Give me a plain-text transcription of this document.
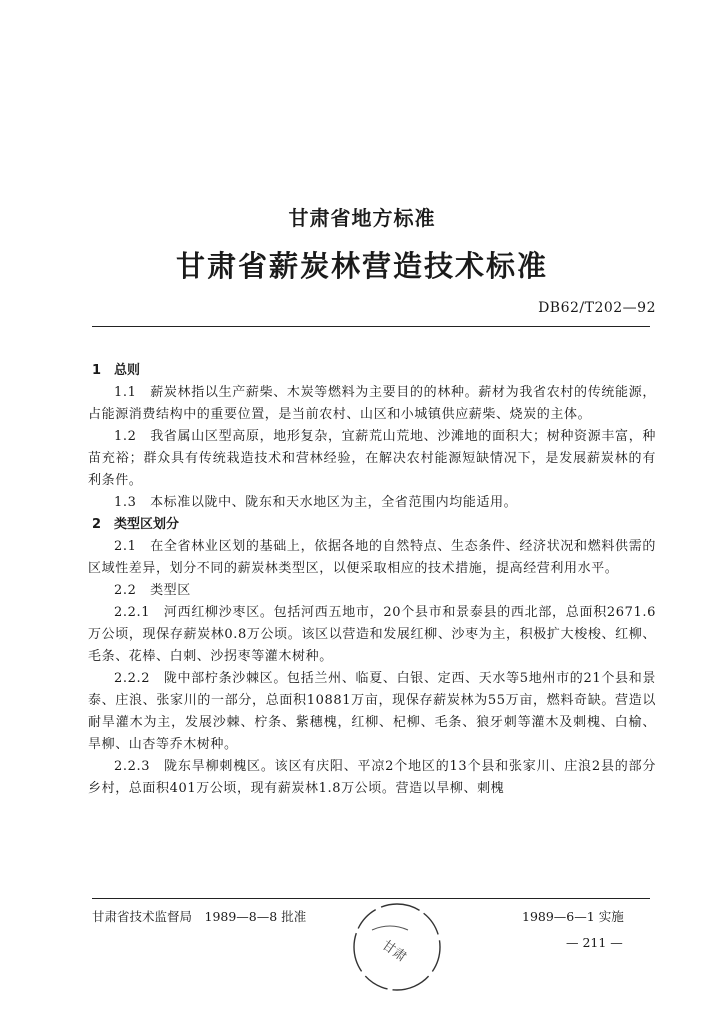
甘肃省地方标准
甘肃省薪炭林营造技术标准
DB62/T202—92
1　总则
1.1　薪炭林指以生产薪柴、木炭等燃料为主要目的的林种。薪材为我省农村的传统能源，占能源消费结构中的重要位置，是当前农村、山区和小城镇供应薪柴、烧炭的主体。
1.2　我省属山区型高原，地形复杂，宜薪荒山荒地、沙滩地的面积大；树种资源丰富，种苗充裕；群众具有传统栽造技术和营林经验，在解决农村能源短缺情况下，是发展薪炭林的有利条件。
1.3　本标准以陇中、陇东和天水地区为主，全省范围内均能适用。
2　类型区划分
2.1　在全省林业区划的基础上，依据各地的自然特点、生态条件、经济状况和燃料供需的区域性差异，划分不同的薪炭林类型区，以便采取相应的技术措施，提高经营利用水平。
2.2　类型区
2.2.1　河西红柳沙枣区。包括河西五地市，20个县市和景泰县的西北部，总面积2671.6万公顷，现保存薪炭林0.8万公顷。该区以营造和发展红柳、沙枣为主，积极扩大梭梭、红柳、毛条、花棒、白刺、沙拐枣等灌木树种。
2.2.2　陇中部柠条沙棘区。包括兰州、临夏、白银、定西、天水等5地州市的21个县和景泰、庄浪、张家川的一部分，总面积10881万亩，现保存薪炭林为55万亩，燃料奇缺。营造以耐旱灌木为主，发展沙棘、柠条、紫穗槐，红柳、杞柳、毛条、狼牙刺等灌木及刺槐、白榆、旱柳、山杏等乔木树种。
2.2.3　陇东旱柳刺槐区。该区有庆阳、平凉2个地区的13个县和张家川、庄浪2县的部分乡村，总面积401万公顷，现有薪炭林1.8万公顷。营造以旱柳、刺槐
甘肃省技术监督局　1989—8—8 批准
甘肃
1989—6—1 实施
— 211 —
